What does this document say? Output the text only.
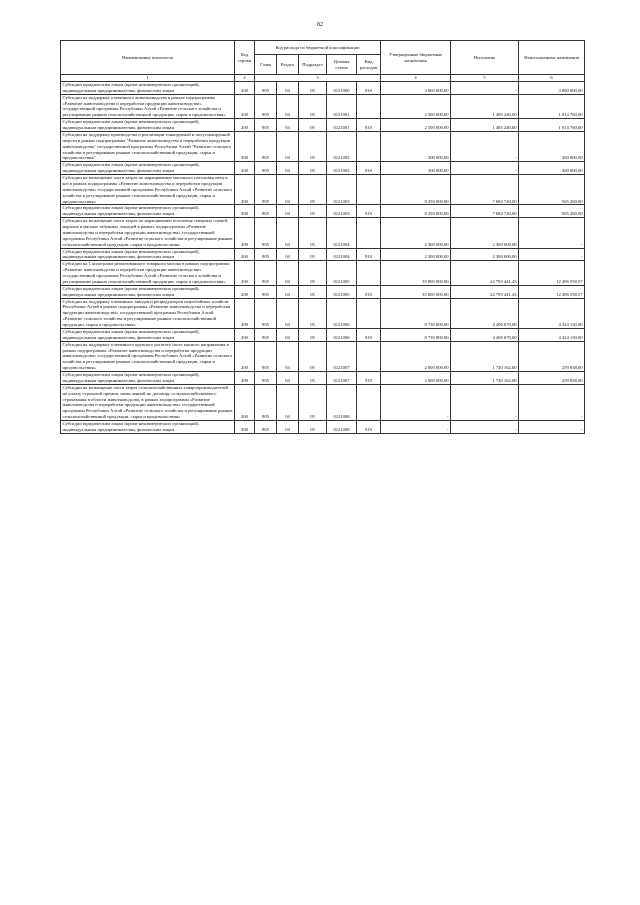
82
Наименование показателя	Код строки	Код расхода по бюджетной классификации					Утвержденные бюджетные назначения	Исполнено	Неисполненные назначения
		Глава	Раздел	Подраздел	Целевая статья	Вид расходов			
1	2	3					4	5	6
Субсидии юридическим лицам (кроме некоммерческих организаций), индивидуальным предпринимателям, физическим лицам	200	905	04	05	0121000	810	3 000 000,00	-	3 000 000,00
Субсидии на поддержку племенного животноводства в рамках подпрограммы «Развитие животноводства и переработки продукции животноводства» государственной программы Республики Алтай «Развитие сельского хозяйства и регулирование рынков сельскохозяйственной продукции, сырья и продовольствия»	200	905	04	05	0121001		2 500 000,00	1 485 240,00	1 014 760,00
Субсидии юридическим лицам (кроме некоммерческих организаций), индивидуальным предпринимателям, физическим лицам	200	905	04	05	0121001	810	2 500 000,00	1 485 240,00	1 014 760,00
Субсидии на поддержку производства и реализации тонкорунной и полутонкорунной шерсти в рамках подпрограммы "Развитие животноводства и переработки продукции животноводства" государственной программы Республики Алтай "Развитие сельского хозяйства и регулирование рынков сельскохозяйственной продукции, сырья и продовольствия"	200	905	04	05	0121002		300 000,00	-	300 000,00
Субсидии юридическим лицам (кроме некоммерческих организаций), индивидуальным предпринимателям, физическим лицам	200	905	04	05	0121002	810	300 000,00	-	300 000,00
Субсидии на возмещение части затрат по наращиванию маточного поголовья овец и коз в рамках подпрограммы «Развитие животноводства и переработки продукции животноводства» государственной программы Республики Алтай «Развитие сельского хозяйства и регулирование рынков сельскохозяйственной продукции, сырья и продовольствия»	200	905	04	05	0121003		8 250 000,00	7 684 740,00	565 260,00
Субсидии юридическим лицам (кроме некоммерческих организаций), индивидуальным предпринимателям, физическим лицам	200	905	04	05	0121003	810	8 250 000,00	7 684 740,00	565 260,00
Субсидии на возмещение части затрат по наращиванию поголовья северных оленей, маралов и мясных табунных лошадей в рамках подпрограммы «Развитие животноводства и переработки продукции животноводства» государственной программы Республики Алтай «Развитие сельского хозяйства и регулирование рынков сельскохозяйственной продукции, сырья и продовольствия»	200	905	04	05	0121004		2 300 000,00	2 300 000,00	-
Субсидии юридическим лицам (кроме некоммерческих организаций), индивидуальным предпринимателям, физическим лицам	200	905	04	05	0121004	810	2 300 000,00	2 300 000,00	-
Субсидии на 1 килограмм реализованного товарного молока в рамках подпрограммы «Развитие животноводства и переработки продукции животноводства» государственной программы Республики Алтай «Развитие сельского хозяйства и регулирование рынков сельскохозяйственной продукции, сырья и продовольствия»	200	905	04	05	0121005		35 000 000,00	22 793 441,43	12 206 558,57
Субсидии юридическим лицам (кроме некоммерческих организаций), индивидуальным предпринимателям, физическим лицам	200	905	04	05	0121005	810	35 000 000,00	22 793 441,43	12 206 558,57
Субсидии на поддержку племенных заводов и репродукторов пантобойных хозяйств Республики Алтай в рамках подпрограммы «Развитие животноводства и переработки продукции животноводства» государственной программы Республики Алтай «Развитие сельского хозяйства и регулирование рынков сельскохозяйственной продукции, сырья и продовольствия»	200	905	04	05	0121006		8 730 800,00	4 406 670,00	4 324 130,00
Субсидии юридическим лицам (кроме некоммерческих организаций), индивидуальным предпринимателям, физическим лицам	200	905	04	05	0121006	810	8 730 800,00	4 406 670,00	4 324 130,00
Субсидии на поддержку племенного крупного рогатого скота мясного направления в рамках подпрограммы «Развитие животноводства и переработки продукции животноводства» государственной программы Республики Алтай «Развитие сельского хозяйства и регулирование рынков сельскохозяйственной продукции, сырья и продовольствия»	200	905	04	05	0121007		2 000 000,00	1 740 162,00	259 838,00
Субсидии юридическим лицам (кроме некоммерческих организаций), индивидуальным предпринимателям, физическим лицам	200	905	04	05	0121007	810	2 000 000,00	1 740 162,00	259 838,00
Субсидии на возмещение части затрат сельскохозяйственных товаропроизводителей на уплату страховой премии, начисленной по договору сельскохозяйственного страхования в области животноводства, в рамках подпрограммы «Развитие животноводства и переработки продукции животноводства» государственной программы Республики Алтай «Развитие сельского хозяйства и регулирование рынков сельскохозяйственной продукции, сырья и продовольствия»	200	905	04	05	0121008		-	-	-
Субсидии юридическим лицам (кроме некоммерческих организаций), индивидуальным предпринимателям, физическим лицам	200	905	04	05	0121008	810	-	-	-
